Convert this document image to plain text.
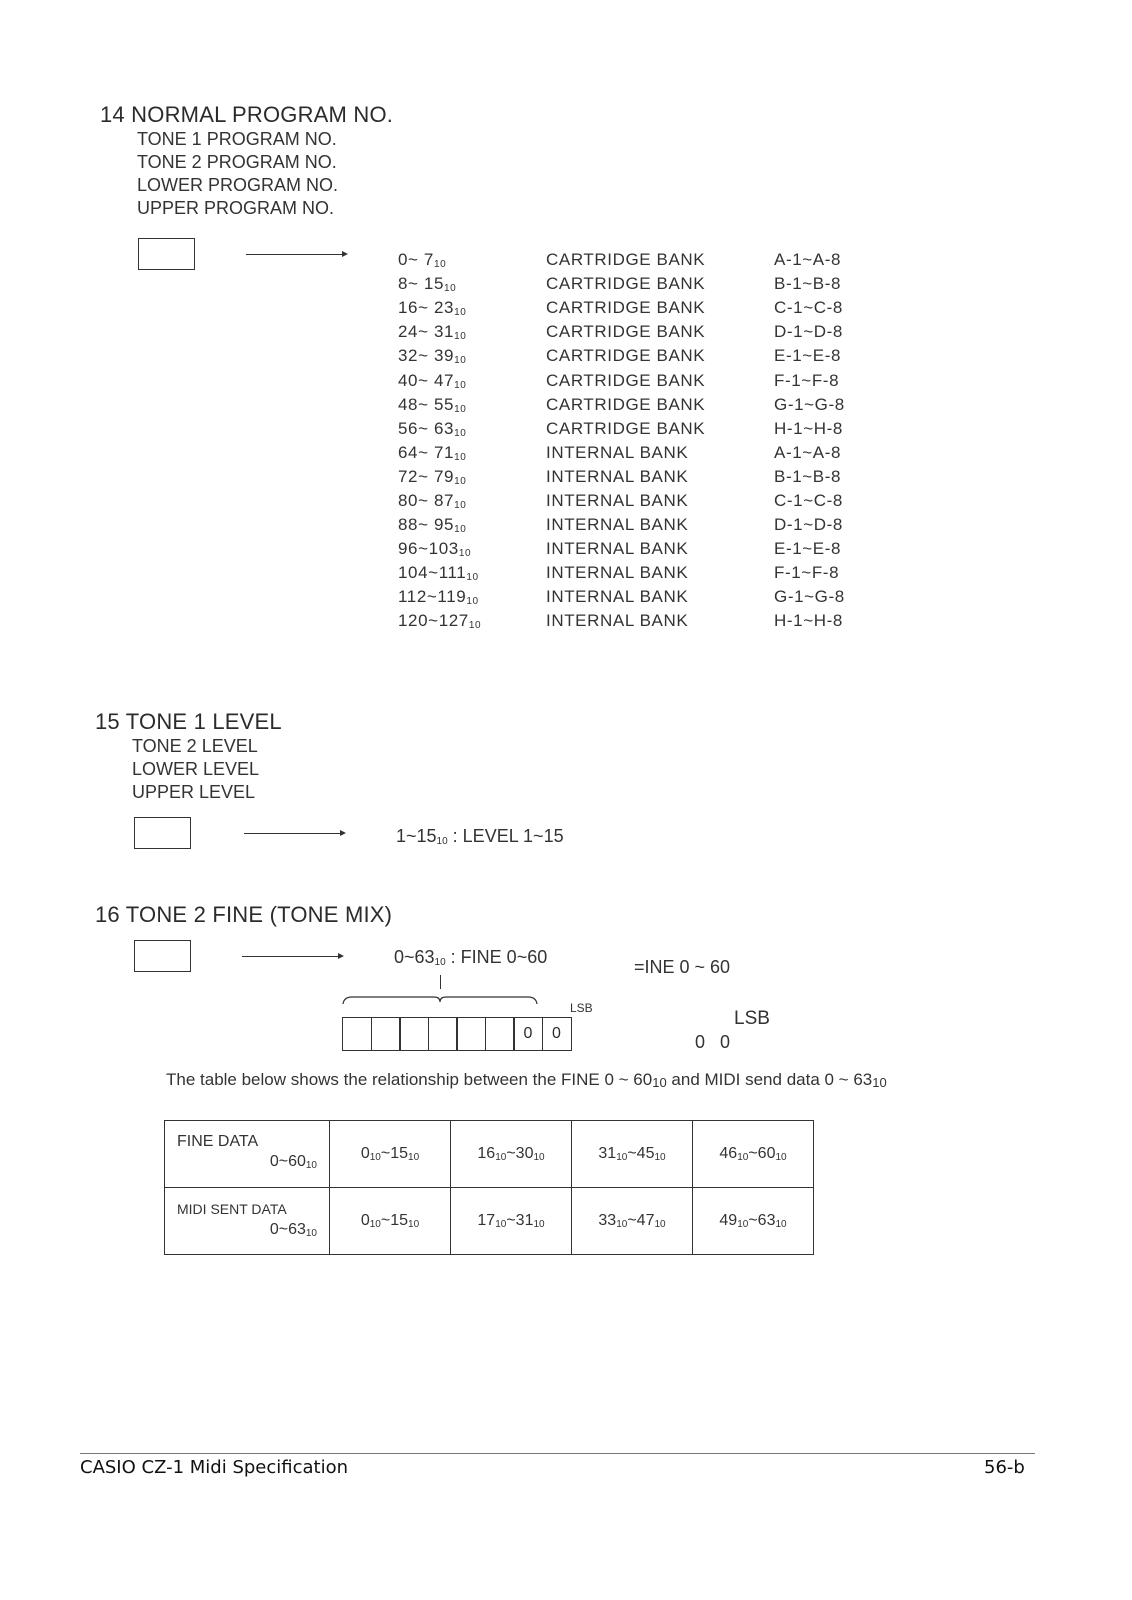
14 NORMAL PROGRAM NO.
TONE 1 PROGRAM NO.
TONE 2 PROGRAM NO.
LOWER PROGRAM NO.
UPPER PROGRAM NO.
0~ $7_{10}$	CARTRIDGE BANK	A-1~A-8
8~ $15_{10}$	CARTRIDGE BANK	B-1~B-8
16~ $23_{10}$	CARTRIDGE BANK	C-1~C-8
24~ $31_{10}$	CARTRIDGE BANK	D-1~D-8
32~ $39_{10}$	CARTRIDGE BANK	E-1~E-8
40~ $47_{10}$	CARTRIDGE BANK	F-1~F-8
48~ $55_{10}$	CARTRIDGE BANK	G-1~G-8
56~ $63_{10}$	CARTRIDGE BANK	H-1~H-8
64~ $71_{10}$	INTERNAL BANK	A-1~A-8
72~ $79_{10}$	INTERNAL BANK	B-1~B-8
80~ $87_{10}$	INTERNAL BANK	C-1~C-8
88~ $95_{10}$	INTERNAL BANK	D-1~D-8
$96\sim 103_{10}$	INTERNAL BANK	E-1~E-8
$104\sim 111_{10}$	INTERNAL BANK	F-1~F-8
$112\sim 119_{10}$	INTERNAL BANK	G-1~G-8
$120\sim 127_{10}$	INTERNAL BANK	H-1~H-8
15 TONE 1 LEVEL
TONE 2 LEVEL
LOWER LEVEL
UPPER LEVEL
$1\sim 15_{10}$ : LEVEL 1~15
16 TONE 2 FINE (TONE MIX)
$0\sim 63_{10}$ : FINE 0~60	=INE 0 ~ 60
LSB
0	0
LSB
0   0
The table below shows the relationship between the FINE 0 ~ $60_{10}$ and MIDI send data 0 ~ $63_{10}$
FINE DATA
$0\sim 60_{10}$	$0_{10}\sim 15_{10}$	$16_{10}\sim 30_{10}$	$31_{10}\sim 45_{10}$	$46_{10}\sim 60_{10}$
MIDI SENT DATA
$0\sim 63_{10}$	$0_{10}\sim 15_{10}$	$17_{10}\sim 31_{10}$	$33_{10}\sim 47_{10}$	$49_{10}\sim 63_{10}$
CASIO CZ-1 Midi Specification	56-b
